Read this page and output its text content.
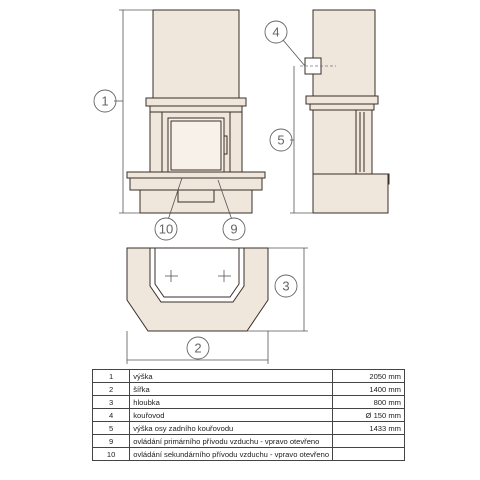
1
10	9
5
4
3
2
1	výška	2050 mm
2	šířka	1400 mm
3	hloubka	800 mm
4	kouřovod	Ø 150 mm
5	výška osy zadního kouřovodu	1433 mm
9	ovládání primárního přívodu vzduchu - vpravo otevřeno	
10	ovládání sekundárního přívodu vzduchu - vpravo otevřeno	
